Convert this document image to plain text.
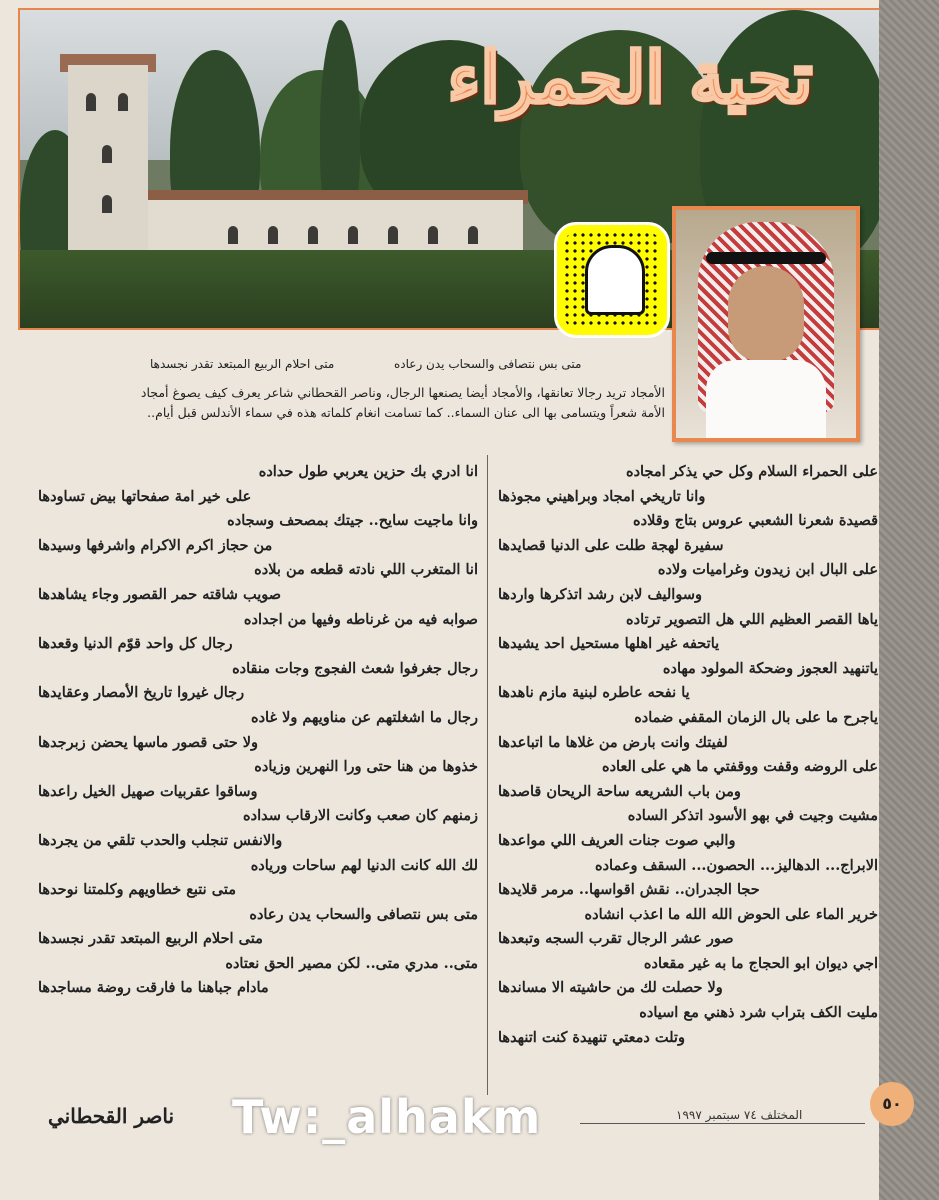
تحية الحمراء
متى بس نتصافى والسحاب يدن رعاده
متى احلام الربيع المبتعد تقدر نجسدها
الأمجاد تريد رجالا تعانقها، والأمجاد أيضا يصنعها الرجال، وناصر القحطاني شاعر يعرف كيف يصوغ أمجاد
الأمة شعراً ويتسامى بها الى عنان السماء.. كما تسامت انغام كلماته هذه في سماء الأندلس قبل أيام..
على الحمراء السلام وكل حي يذكر امجاده
وانا تاريخي امجاد وبراهيني مجوذها
قصيدة شعرنا الشعبي عروس بتاج وقلاده
سفيرة لهجة طلت على الدنيا قصايدها
على البال ابن زيدون وغراميات ولاده
وسواليف لابن رشد اتذكرها واردها
ياها القصر العظيم اللي هل التصوير ترتاده
ياتحفه غير اهلها مستحيل احد يشيدها
ياتنهيد العجوز وضحكة المولود مهاده
يا نفحه عاطره لبنية مازم ناهدها
ياجرح ما على بال الزمان المقفي ضماده
لفيتك وانت بارض من غلاها ما اتباعدها
على الروضه وقفت ووقفتي ما هي على العاده
ومن باب الشريعه ساحة الريحان قاصدها
مشيت وجيت في بهو الأسود اتذكر الساده
والبي صوت جنات العريف اللي مواعدها
الابراج... الدهاليز... الحصون... السقف وعماده
حجا الجدران.. نقش اقواسها.. مرمر قلايدها
خرير الماء على الحوض الله الله ما اعذب انشاده
صور عشر الرجال تقرب السجه وتبعدها
اجي ديوان ابو الحجاج ما به غير مقعاده
ولا حصلت لك من حاشيته الا مساندها
مليت الكف بتراب شرد ذهني مع اسياده
وتلت دمعتي تنهيدة كنت اتنهدها
انا ادري بك حزين يعربي طول حداده
على خير امة صفحاتها بيض تساودها
وانا ماجيت سايح.. جيتك بمصحف وسجاده
من حجاز اكرم الاكرام واشرفها وسيدها
انا المتغرب اللي نادته قطعه من بلاده
صويب شاقته حمر القصور وجاء يشاهدها
صوابه فيه من غرناطه وفيها من اجداده
رجال كل واحد قوّم الدنيا وقعدها
رجال جغرفوا شعث الفجوج وجات منقاده
رجال غيروا تاريخ الأمصار وعقايدها
رجال ما اشغلتهم عن مناويهم ولا غاده
ولا حتى قصور ماسها يحضن زبرجدها
خذوها من هنا حتى ورا النهرين وزياده
وساقوا عقربيات صهيل الخيل راعدها
زمنهم كان صعب وكانت الارقاب سداده
والانفس تنجلب والحدب تلقي من يجردها
لك الله كانت الدنيا لهم ساحات ورياده
متى نتبع خطاويهم وكلمتنا نوحدها
متى بس نتصافى والسحاب يدن رعاده
متى احلام الربيع المبتعد تقدر نجسدها
متى.. مدري متى.. لكن مصير الحق نعتاده
مادام جباهنا ما فارقت روضة مساجدها
ناصر القحطاني	المختلف ٧٤ سبتمبر ١٩٩٧
٥٠
Tw:_alhakm
